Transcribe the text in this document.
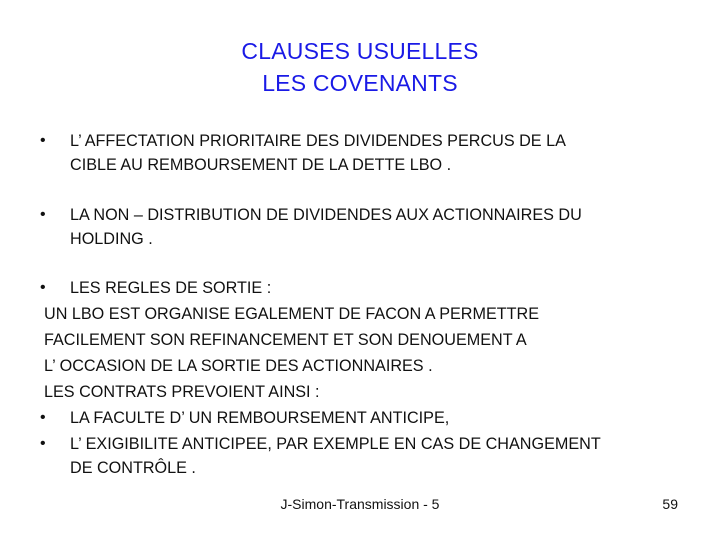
CLAUSES USUELLES
LES COVENANTS
•	L’ AFFECTATION PRIORITAIRE DES DIVIDENDES PERCUS DE LA
CIBLE AU REMBOURSEMENT DE LA DETTE LBO .
•	LA NON – DISTRIBUTION DE DIVIDENDES AUX ACTIONNAIRES DU
HOLDING .
•	LES REGLES DE SORTIE :
UN LBO EST ORGANISE EGALEMENT DE FACON A PERMETTRE
FACILEMENT SON REFINANCEMENT ET SON DENOUEMENT A
L’ OCCASION DE LA SORTIE DES ACTIONNAIRES .
LES CONTRATS PREVOIENT AINSI :
•	LA FACULTE D’ UN REMBOURSEMENT ANTICIPE,
•	L’ EXIGIBILITE ANTICIPEE, PAR EXEMPLE EN CAS DE CHANGEMENT
DE CONTRÔLE .
J-Simon-Transmission - 5	59
